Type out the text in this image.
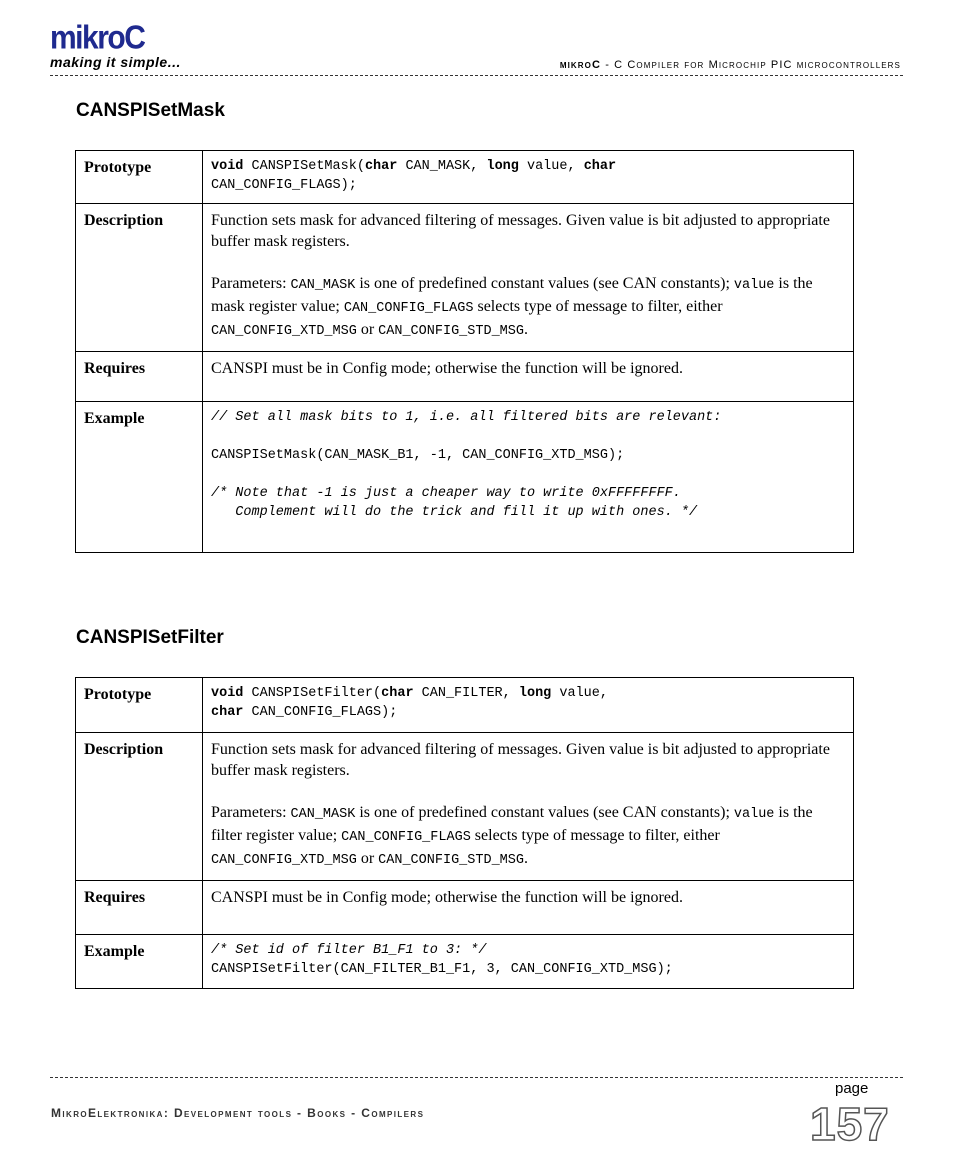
mikroC
making it simple...	mikroC - C Compiler for Microchip PIC microcontrollers
CANSPISetMask
Prototype	void CANSPISetMask(char CAN_MASK, long value, char
CAN_CONFIG_FLAGS);

Description	Function sets mask for advanced filtering of messages. Given value is bit adjusted to appropriate buffer mask registers.

Parameters: CAN_MASK is one of predefined constant values (see CAN constants); value is the mask register value; CAN_CONFIG_FLAGS selects type of message to filter, either CAN_CONFIG_XTD_MSG or CAN_CONFIG_STD_MSG.

Requires	CANSPI must be in Config mode; otherwise the function will be ignored.
Example	// Set all mask bits to 1, i.e. all filtered bits are relevant:
CANSPISetMask(CAN_MASK_B1, -1, CAN_CONFIG_XTD_MSG);
/* Note that -1 is just a cheaper way to write 0xFFFFFFFF.
Complement will do the trick and fill it up with ones. */
CANSPISetFilter
Prototype	void CANSPISetFilter(char CAN_FILTER, long value,
char CAN_CONFIG_FLAGS);

Description	Function sets mask for advanced filtering of messages. Given value is bit adjusted to appropriate buffer mask registers.

Parameters: CAN_MASK is one of predefined constant values (see CAN constants); value is the filter register value; CAN_CONFIG_FLAGS selects type of message to filter, either CAN_CONFIG_XTD_MSG or CAN_CONFIG_STD_MSG.

Requires	CANSPI must be in Config mode; otherwise the function will be ignored.
Example	/* Set id of filter B1_F1 to 3: */
CANSPISetFilter(CAN_FILTER_B1_F1, 3, CAN_CONFIG_XTD_MSG);
MikroElektronika: Development tools - Books - Compilers
page
157
